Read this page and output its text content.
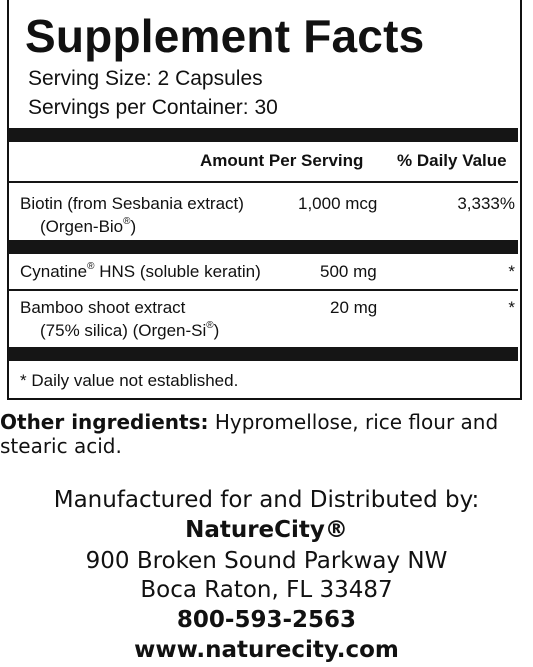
Supplement Facts
Serving Size: 2 Capsules
Servings per Container: 30
Amount Per Serving % Daily Value
Biotin (from Sesbania extract)
(Orgen-Bio®)
1,000 mcg	3,333%
Cynatine® HNS (soluble keratin)	500 mg	*
Bamboo shoot extract
(75% silica) (Orgen-Si®)
20 mg	*
* Daily value not established.
Other ingredients: Hypromellose, rice flour and
stearic acid.
Manufactured for and Distributed by:
NatureCity®
900 Broken Sound Parkway NW
Boca Raton, FL 33487
800-593-2563
www.naturecity.com
